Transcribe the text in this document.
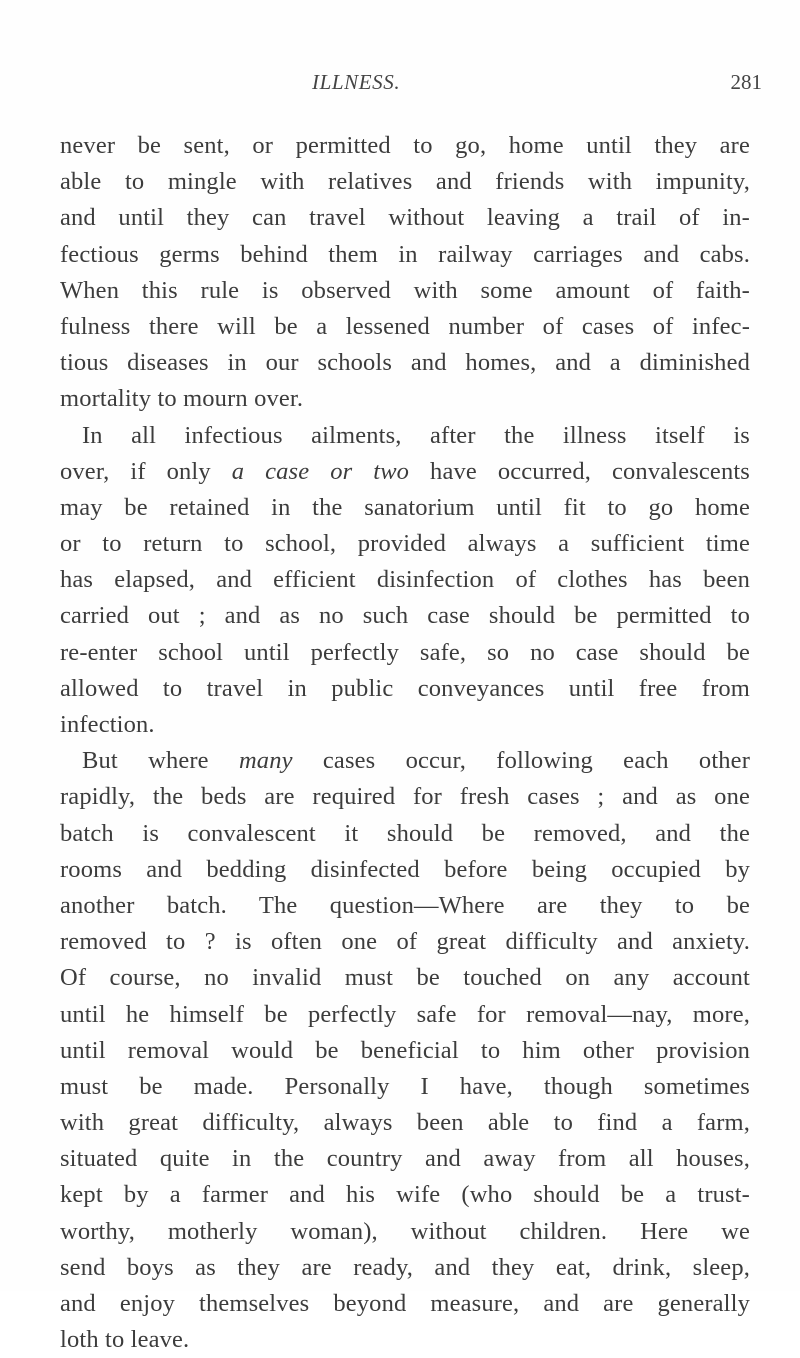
ILLNESS.	281
never be sent, or permitted to go, home until they are
able to mingle with relatives and friends with impunity,
and until they can travel without leaving a trail of in-
fectious germs behind them in railway carriages and cabs.
When this rule is observed with some amount of faith-
fulness there will be a lessened number of cases of infec-
tious diseases in our schools and homes, and a diminished
mortality to mourn over.
In all infectious ailments, after the illness itself is
over, if only a case or two have occurred, convalescents
may be retained in the sanatorium until fit to go home
or to return to school, provided always a sufficient time
has elapsed, and efficient disinfection of clothes has been
carried out ; and as no such case should be permitted to
re-enter school until perfectly safe, so no case should be
allowed to travel in public conveyances until free from
infection.
But where many cases occur, following each other
rapidly, the beds are required for fresh cases ; and as one
batch is convalescent it should be removed, and the
rooms and bedding disinfected before being occupied by
another batch. The question—Where are they to be
removed to ? is often one of great difficulty and anxiety.
Of course, no invalid must be touched on any account
until he himself be perfectly safe for removal—nay, more,
until removal would be beneficial to him other provision
must be made. Personally I have, though sometimes
with great difficulty, always been able to find a farm,
situated quite in the country and away from all houses,
kept by a farmer and his wife (who should be a trust-
worthy, motherly woman), without children. Here we
send boys as they are ready, and they eat, drink, sleep,
and enjoy themselves beyond measure, and are generally
loth to leave.
